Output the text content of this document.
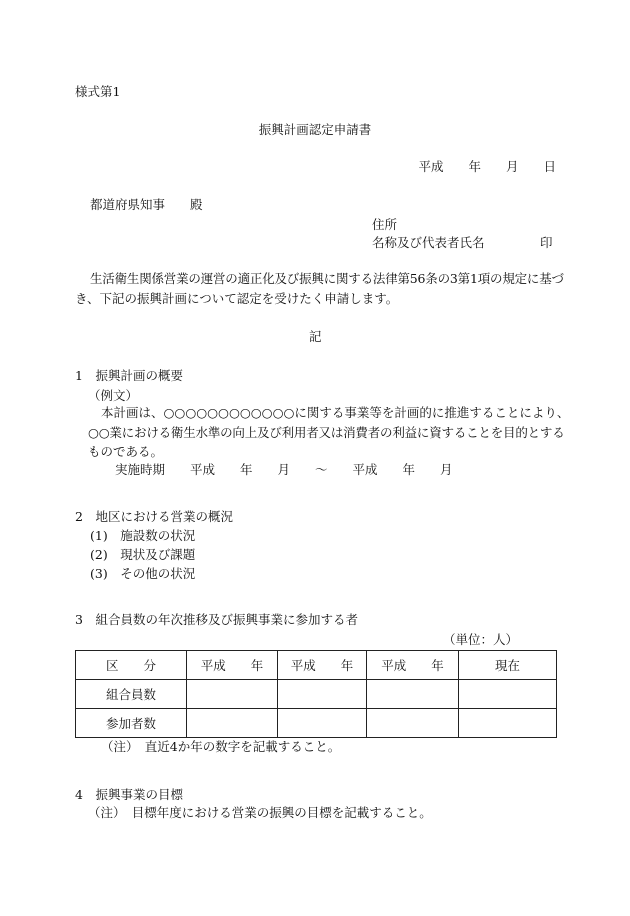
様式第1
振興計画認定申請書
平成　　年　　月　　日
都道府県知事　　殿
住所
名称及び代表者氏名	印
生活衛生関係営業の運営の適正化及び振興に関する法律第56条の3第1項の規定に基づ
き、下記の振興計画について認定を受けたく申請します。
記
1　振興計画の概要
（例文）
本計画は、○○○○○○○○○○○○に関する事業等を計画的に推進することにより、
○○業における衛生水準の向上及び利用者又は消費者の利益に資することを目的とする
ものである。
実施時期　　平成　　年　　月　　～　　平成　　年　　月
2　地区における営業の概況
(1)　施設数の状況
(2)　現状及び課題
(3)　その他の状況
3　組合員数の年次推移及び振興事業に参加する者
（単位：人）
区　　分	平成　　年	平成　　年	平成　　年	現在
組合員数				
参加者数				
（注）　直近4か年の数字を記載すること。
4　振興事業の目標
（注）　目標年度における営業の振興の目標を記載すること。
